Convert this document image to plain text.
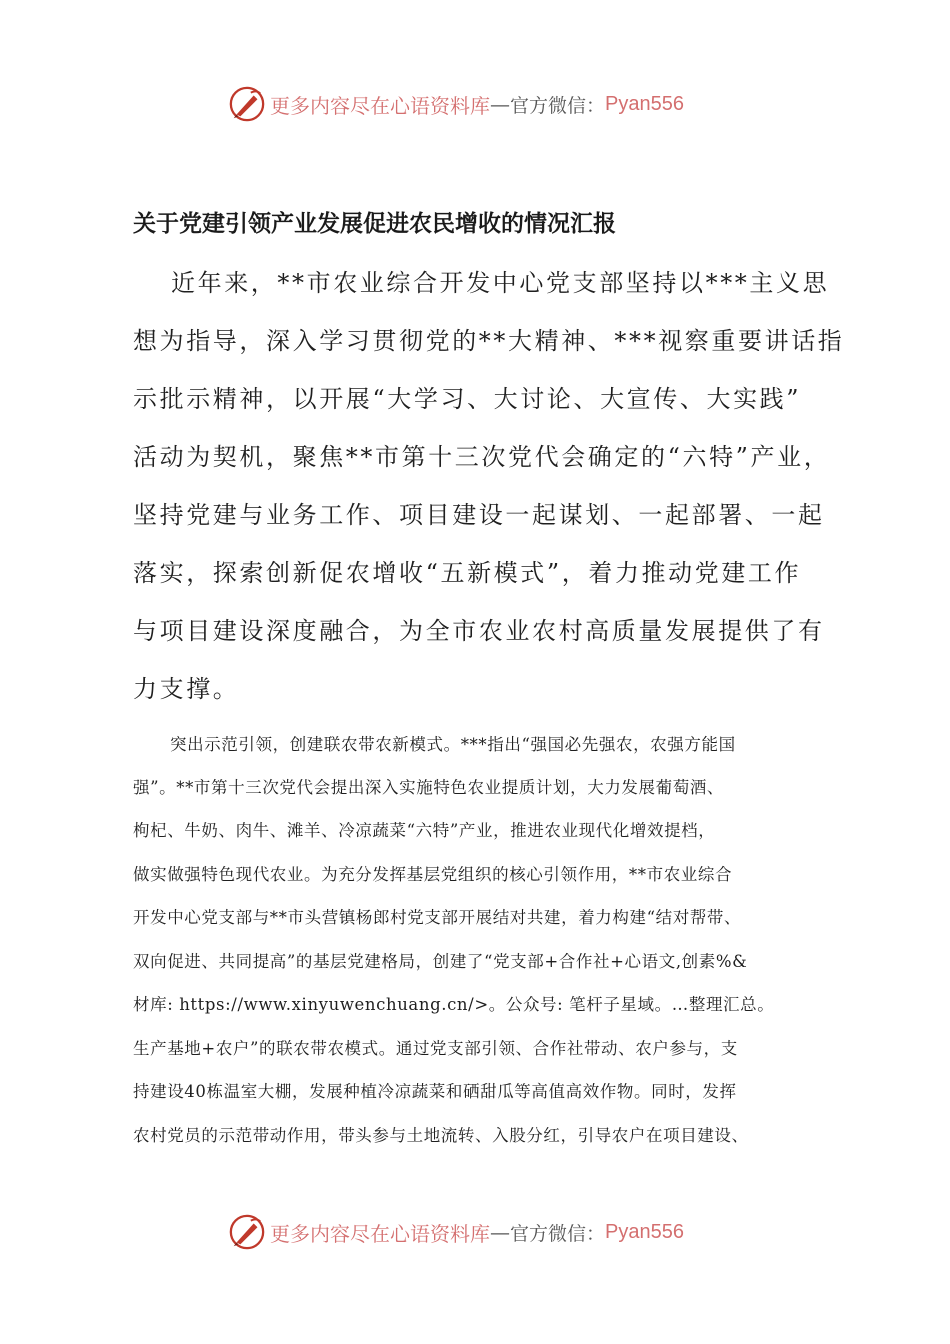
更多内容尽在心语资料库 — 官方微信： Pyan556
关于党建引领产业发展促进农民增收的情况汇报
近年来，**市农业综合开发中心党支部坚持以***主义思
想为指导，深入学习贯彻党的**大精神、***视察重要讲话指
示批示精神，以开展“大学习、大讨论、大宣传、大实践”
活动为契机，聚焦**市第十三次党代会确定的“六特”产业，
坚持党建与业务工作、项目建设一起谋划、一起部署、一起
落实，探索创新促农增收“五新模式”，着力推动党建工作
与项目建设深度融合，为全市农业农村高质量发展提供了有
力支撑。
突出示范引领，创建联农带农新模式。***指出“强国必先强农，农强方能国
强”。**市第十三次党代会提出深入实施特色农业提质计划，大力发展葡萄酒、
枸杞、牛奶、肉牛、滩羊、冷凉蔬菜“六特”产业，推进农业现代化增效提档，
做实做强特色现代农业。为充分发挥基层党组织的核心引领作用，**市农业综合
开发中心党支部与**市头营镇杨郎村党支部开展结对共建，着力构建“结对帮带、
双向促进、共同提高”的基层党建格局，创建了“党支部+合作社+心语文,创素%&
材库: https://www.xinyuwenchuang.cn/>。公众号: 笔杆子星域。…整理汇总。
生产基地+农户”的联农带农模式。通过党支部引领、合作社带动、农户参与，支
持建设40栋温室大棚，发展种植冷凉蔬菜和硒甜瓜等高值高效作物。同时，发挥
农村党员的示范带动作用，带头参与土地流转、入股分红，引导农户在项目建设、
更多内容尽在心语资料库 — 官方微信： Pyan556
